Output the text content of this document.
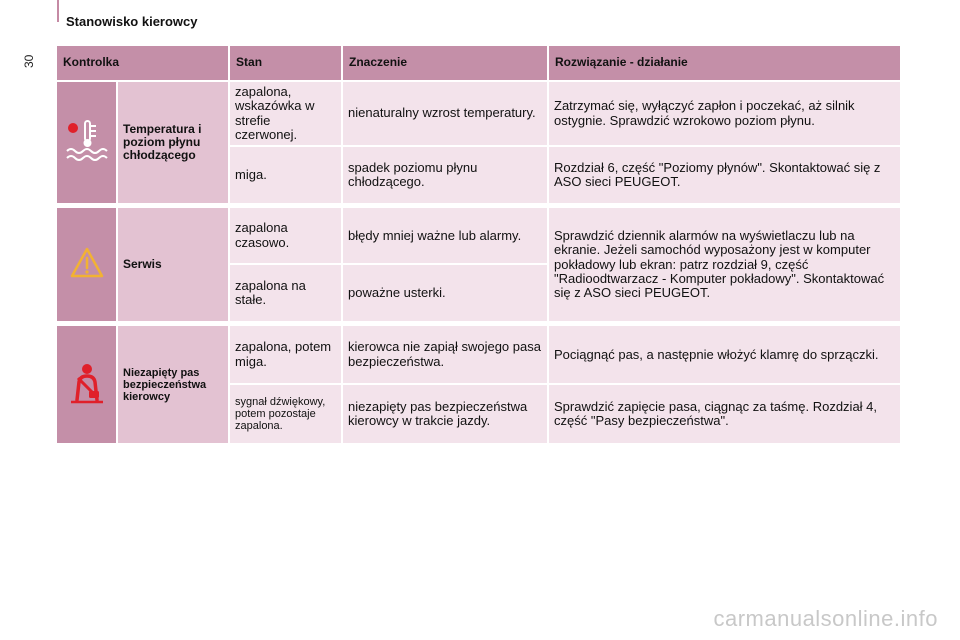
Stanowisko kierowcy
30 Kontrolka		Stan	Znaczenie	Rozwiązanie - działanie
	Temperatura i poziom płynu chłodzącego	zapalona, wskazówka w strefie czerwonej.	nienaturalny wzrost temperatury.	Zatrzymać się, wyłączyć zapłon i poczekać, aż silnik ostygnie. Sprawdzić wzrokowo poziom płynu.
		miga.	spadek poziomu płynu chłodzącego.	Rozdział 6, część "Poziomy płynów". Skontaktować się z ASO sieci PEUGEOT.

	Serwis	zapalona czasowo.	błędy mniej ważne lub alarmy.	Sprawdzić dziennik alarmów na wyświetlaczu lub na ekranie. Jeżeli samochód wyposażony jest w komputer pokładowy lub ekran: patrz rozdział 9, część "Radioodtwarzacz - Komputer pokładowy". Skontaktować się z ASO sieci PEUGEOT.
		zapalona na stałe.	poważne usterki.	

	Niezapięty pas bezpieczeństwa kierowcy	zapalona, potem miga.	kierowca nie zapiął swojego pasa bezpieczeństwa.	Pociągnąć pas, a następnie włożyć klamrę do sprzączki.
		sygnał dźwiękowy, potem pozostaje zapalona.	niezapięty pas bezpieczeństwa kierowcy w trakcie jazdy.	Sprawdzić zapięcie pasa, ciągnąc za taśmę. Rozdział 4, część "Pasy bezpieczeństwa".
carmanualsonline.info
